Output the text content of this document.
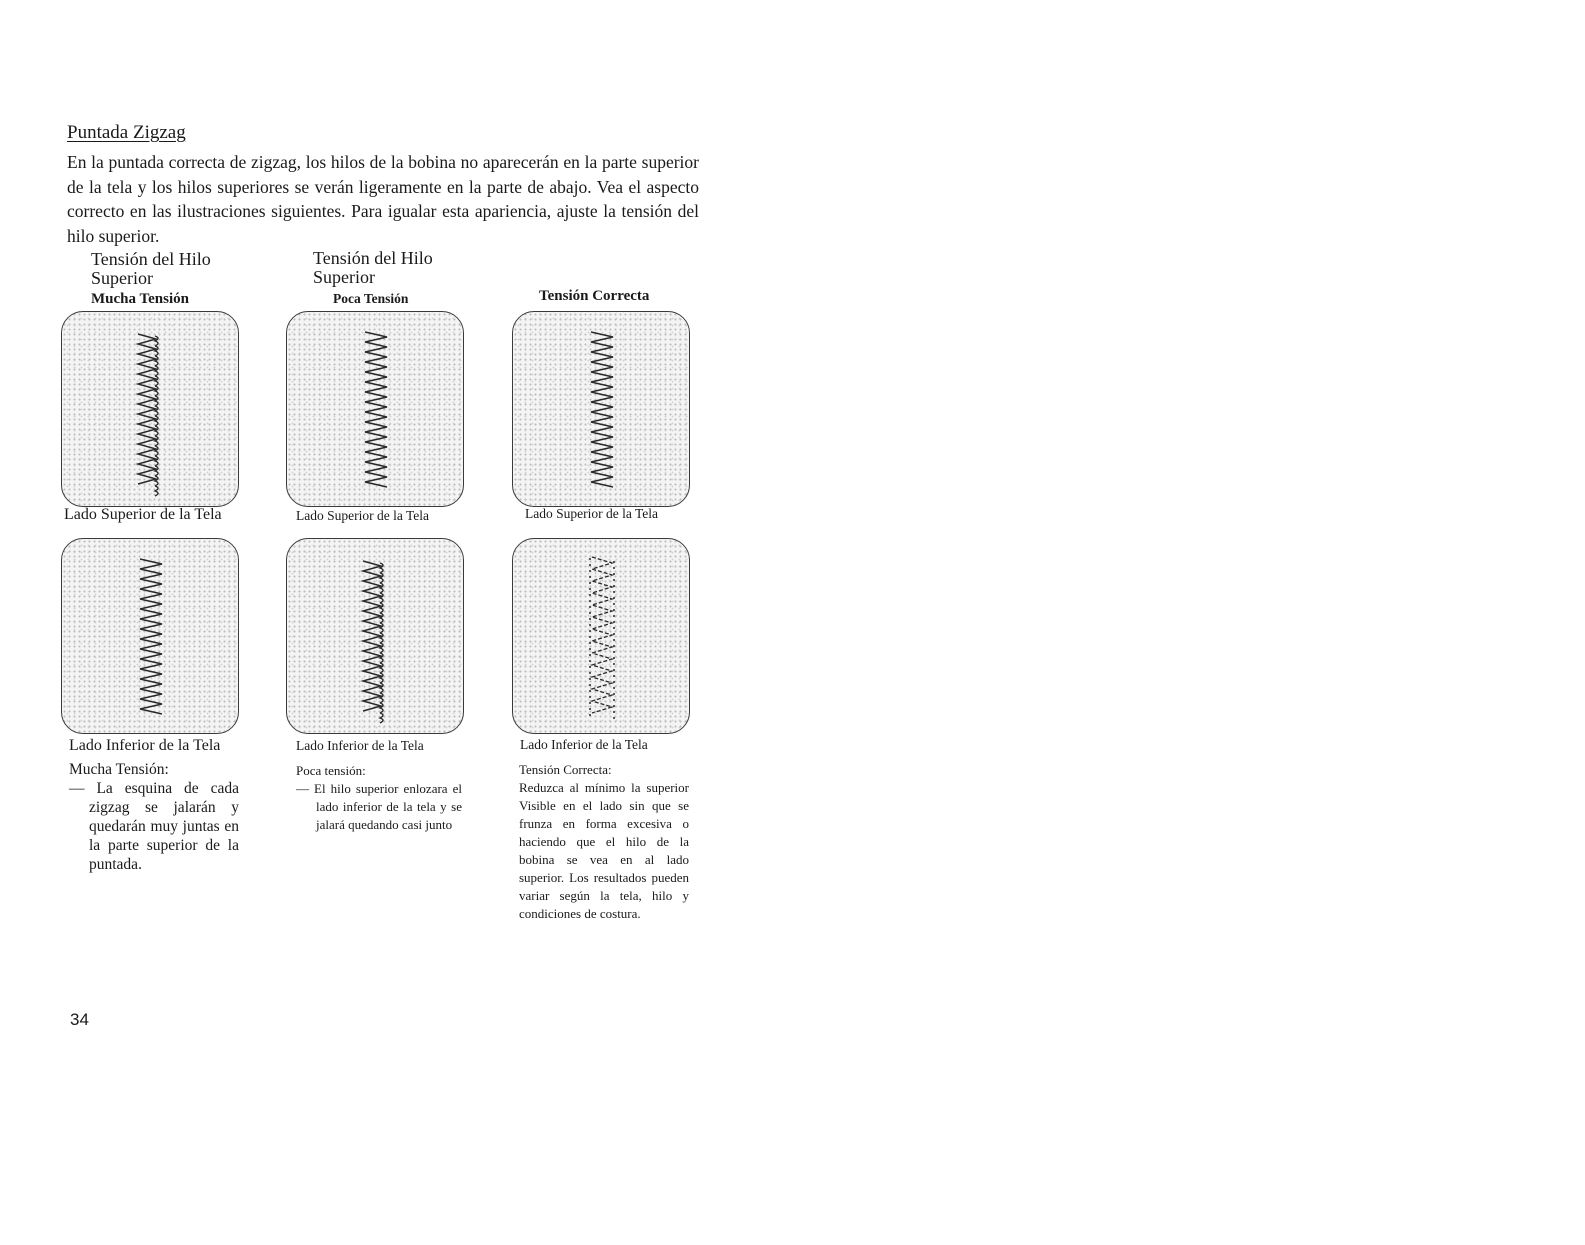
Puntada Zigzag
En la puntada correcta de zigzag, los hilos de la bobina no aparecerán en la parte superior de la tela y los hilos superiores se verán ligeramente en la parte de abajo. Vea el aspecto correcto en las ilustraciones siguientes. Para igualar esta apariencia, ajuste la tensión del hilo superior.
Tensión del Hilo
Superior
Mucha Tensión
Tensión del Hilo
Superior
Poca Tensión	Tensión Correcta
Lado Superior de la Tela	Lado Superior de la Tela	Lado Superior de la Tela
Lado Inferior de la Tela	Lado Inferior de la Tela	Lado Inferior de la Tela
Mucha Tensión:
— La esquina de cada zigzag se jalarán y quedarán muy juntas en la parte superior de la puntada.
Poca tensión:
— El hilo superior enlozara el lado inferior de la tela y se jalará quedando casi junto
Tensión Correcta:
Reduzca al mínimo la superior Visible en el lado sin que se frunza en forma excesiva o haciendo que el hilo de la bobina se vea en al lado superior. Los resultados pueden variar según la tela, hilo y condiciones de costura.
34
